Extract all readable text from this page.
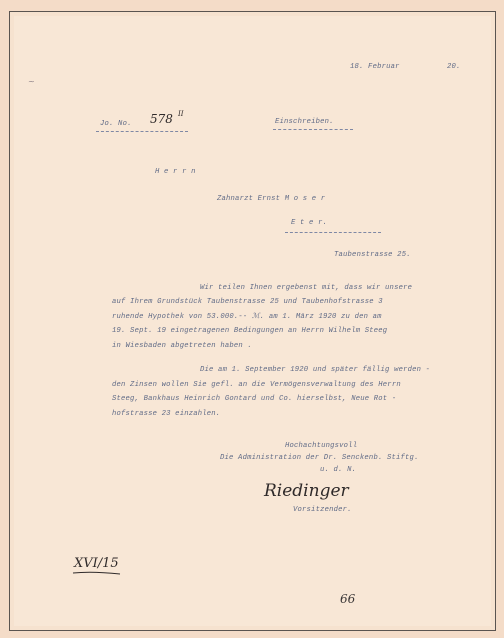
~
18. Februar	20.
Jo. No. 578 II
Einschreiben.
H e r r n
Zahnarzt Ernst M o s e r
E t e r.
Taubenstrasse 25.
Wir teilen Ihnen ergebenst mit, dass wir unsere
auf Ihrem Grundstück Taubenstrasse 25 und Taubenhofstrasse 3
ruhende Hypothek von 53.000.-- ℳ. am 1. März 1920 zu den am
19. Sept. 19 eingetragenen Bedingungen an Herrn Wilhelm Steeg
in Wiesbaden abgetreten haben .
Die am 1. September 1920 und später fällig werden -
den Zinsen wollen Sie gefl. an die Vermögensverwaltung des Herrn
Steeg, Bankhaus Heinrich Gontard und Co. hierselbst, Neue Rot -
hofstrasse 23 einzahlen.
Hochachtungsvoll
Die Administration der Dr. Senckenb. Stiftg.
u. d. N.
Riedinger
Vorsitzender.
XVI/15
66
